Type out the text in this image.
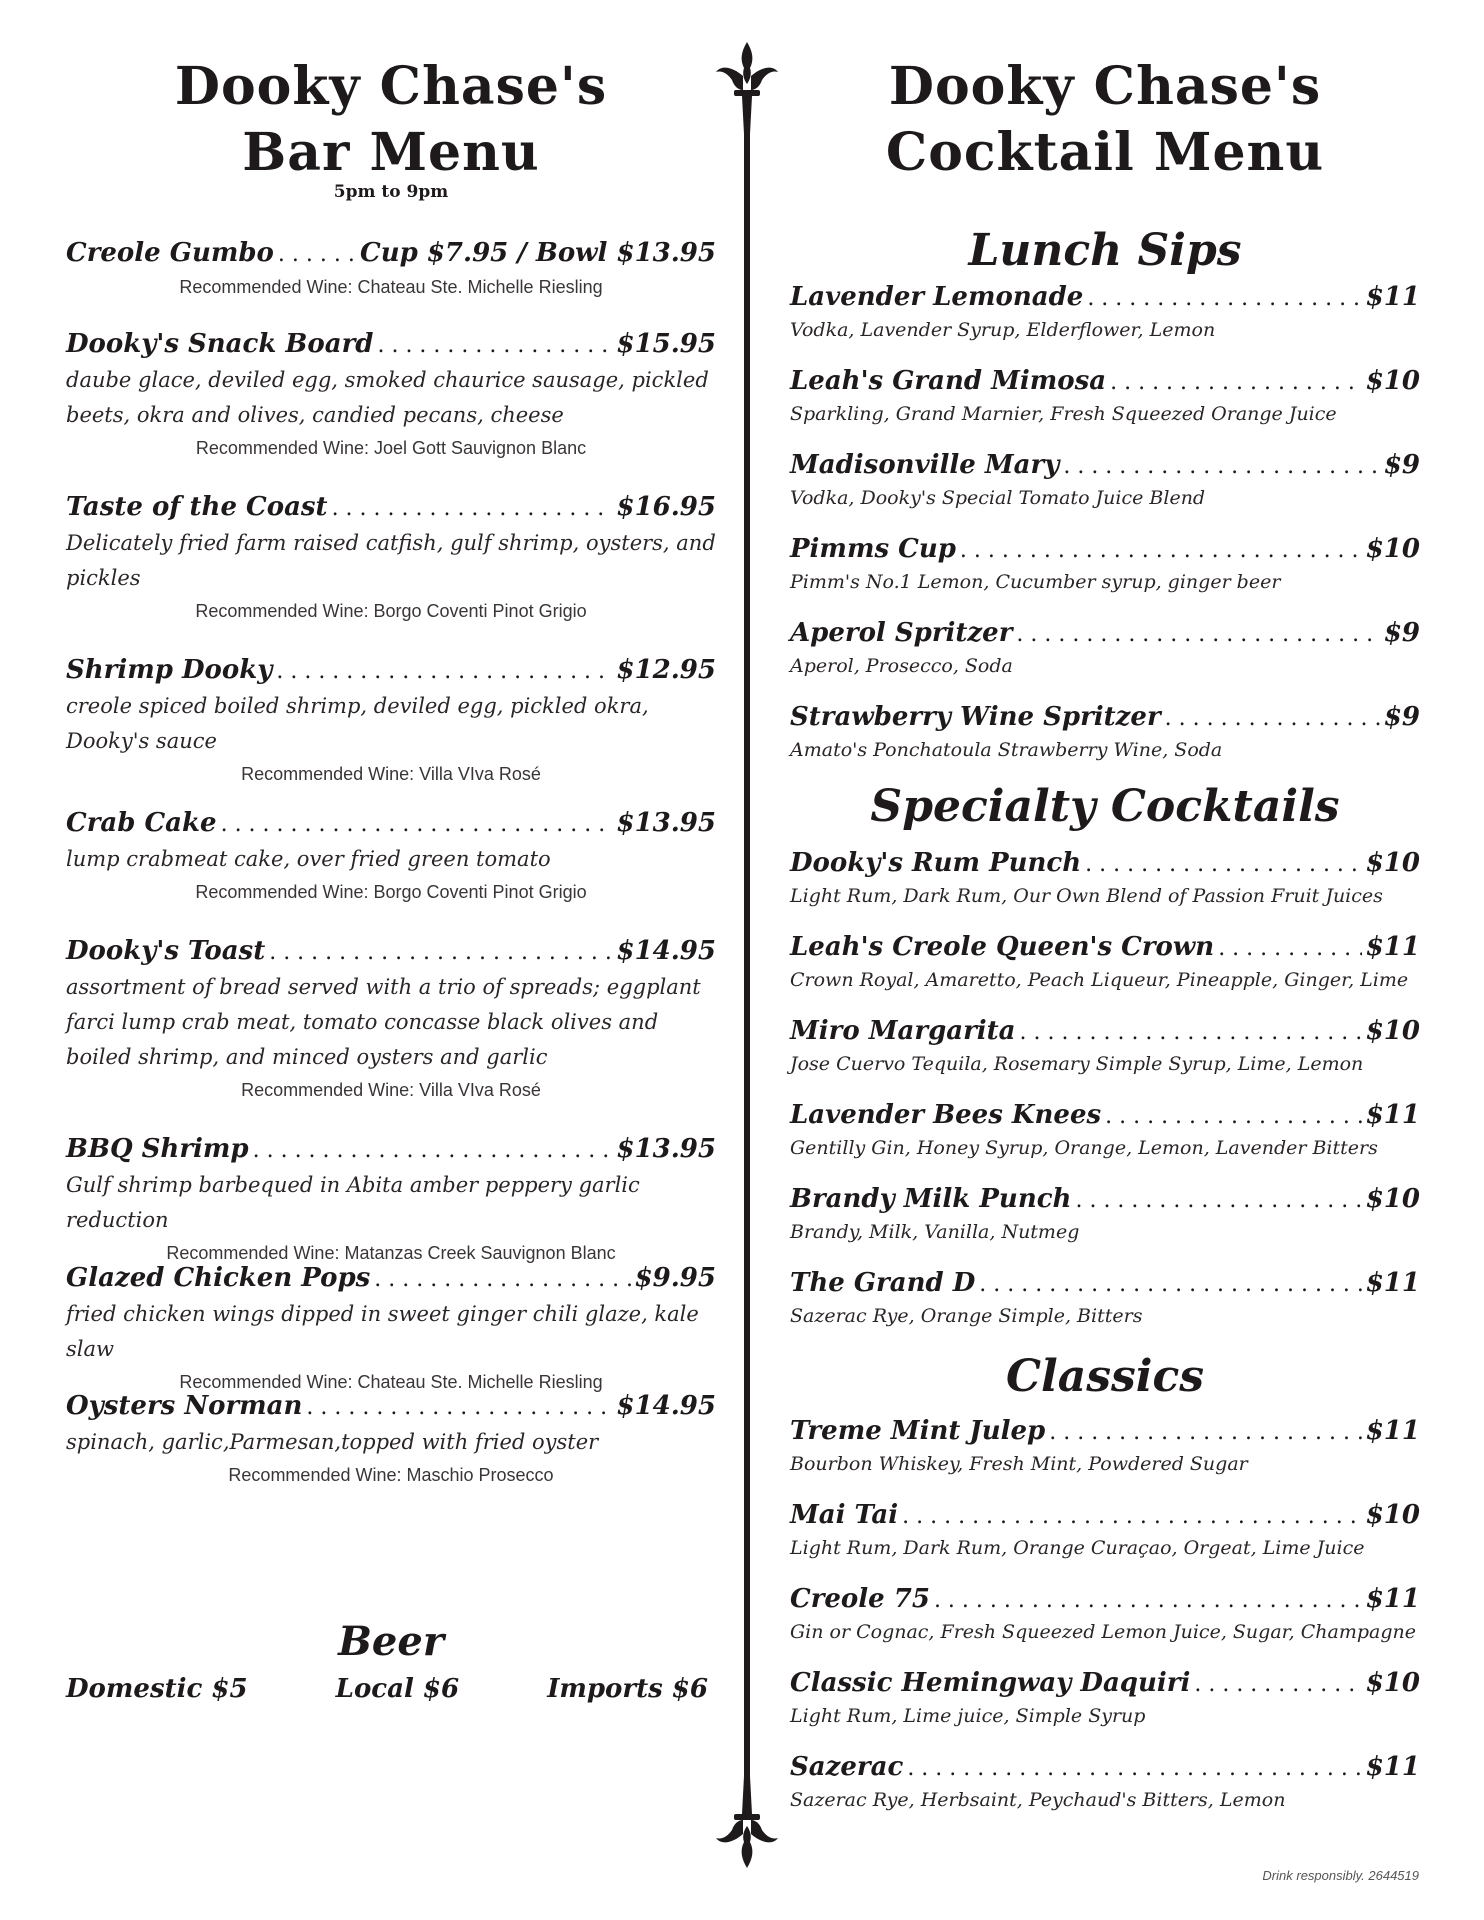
Dooky Chase's
Bar Menu
5pm to 9pm
Creole Gumbo . . .	Cup $7.95 / Bowl $13.95
Recommended Wine: Chateau Ste. Michelle Riesling
Dooky's Snack Board . . .	$15.95
daube glace, deviled egg, smoked chaurice sausage, pickled beets, okra and olives, candied pecans, cheese
Recommended Wine: Joel Gott Sauvignon Blanc
Taste of the Coast . . .	$16.95
Delicately fried farm raised catfish, gulf shrimp, oysters, and pickles
Recommended Wine: Borgo Coventi Pinot Grigio
Shrimp Dooky . . .	$12.95
creole spiced boiled shrimp, deviled egg, pickled okra, Dooky's sauce
Recommended Wine: Villa VIva Rosé
Crab Cake . . .	$13.95
lump crabmeat cake, over fried green tomato
Recommended Wine: Borgo Coventi Pinot Grigio
Dooky's Toast . . .	$14.95
assortment of bread served with a trio of spreads; eggplant farci lump crab meat, tomato concasse black olives and boiled shrimp, and minced oysters and garlic
Recommended Wine: Villa VIva Rosé
BBQ Shrimp . . .	$13.95
Gulf shrimp barbequed in Abita amber peppery garlic reduction
Recommended Wine: Matanzas Creek Sauvignon Blanc
Glazed Chicken Pops . . .	$9.95
fried chicken wings dipped in sweet ginger chili glaze, kale slaw
Recommended Wine: Chateau Ste. Michelle Riesling
Oysters Norman . . .	$14.95
spinach, garlic,Parmesan,topped with fried oyster
Recommended Wine: Maschio Prosecco
Beer
Domestic $5	Local $6	Imports $6
Dooky Chase's
Cocktail Menu
Lunch Sips
Lavender Lemonade . . .	$11
Vodka, Lavender Syrup, Elderflower, Lemon
Leah's Grand Mimosa . . .	$10
Sparkling, Grand Marnier, Fresh Squeezed Orange Juice
Madisonville Mary . . .	$9
Vodka, Dooky's Special Tomato Juice Blend
Pimms Cup . . .	$10
Pimm's No.1 Lemon, Cucumber syrup, ginger beer
Aperol Spritzer . . .	$9
Aperol, Prosecco, Soda
Strawberry Wine Spritzer . . .	$9
Amato's Ponchatoula Strawberry Wine, Soda
Specialty Cocktails
Dooky's Rum Punch . . .	$10
Light Rum, Dark Rum, Our Own Blend of Passion Fruit Juices
Leah's Creole Queen's Crown . . .	$11
Crown Royal, Amaretto, Peach Liqueur, Pineapple, Ginger, Lime
Miro Margarita . . .	$10
Jose Cuervo Tequila, Rosemary Simple Syrup, Lime, Lemon
Lavender Bees Knees . . .	$11
Gentilly Gin, Honey Syrup, Orange, Lemon, Lavender Bitters
Brandy Milk Punch . . .	$10
Brandy, Milk, Vanilla, Nutmeg
The Grand D . . .	$11
Sazerac Rye, Orange Simple, Bitters
Classics
Treme Mint Julep . . .	$11
Bourbon Whiskey, Fresh Mint, Powdered Sugar
Mai Tai . . .	$10
Light Rum, Dark Rum, Orange Curaçao, Orgeat, Lime Juice
Creole 75 . . .	$11
Gin or Cognac, Fresh Squeezed Lemon Juice, Sugar, Champagne
Classic Hemingway Daquiri . . .	$10
Light Rum, Lime juice, Simple Syrup
Sazerac . . .	$11
Sazerac Rye, Herbsaint, Peychaud's Bitters, Lemon
Drink responsibly. 2644519
